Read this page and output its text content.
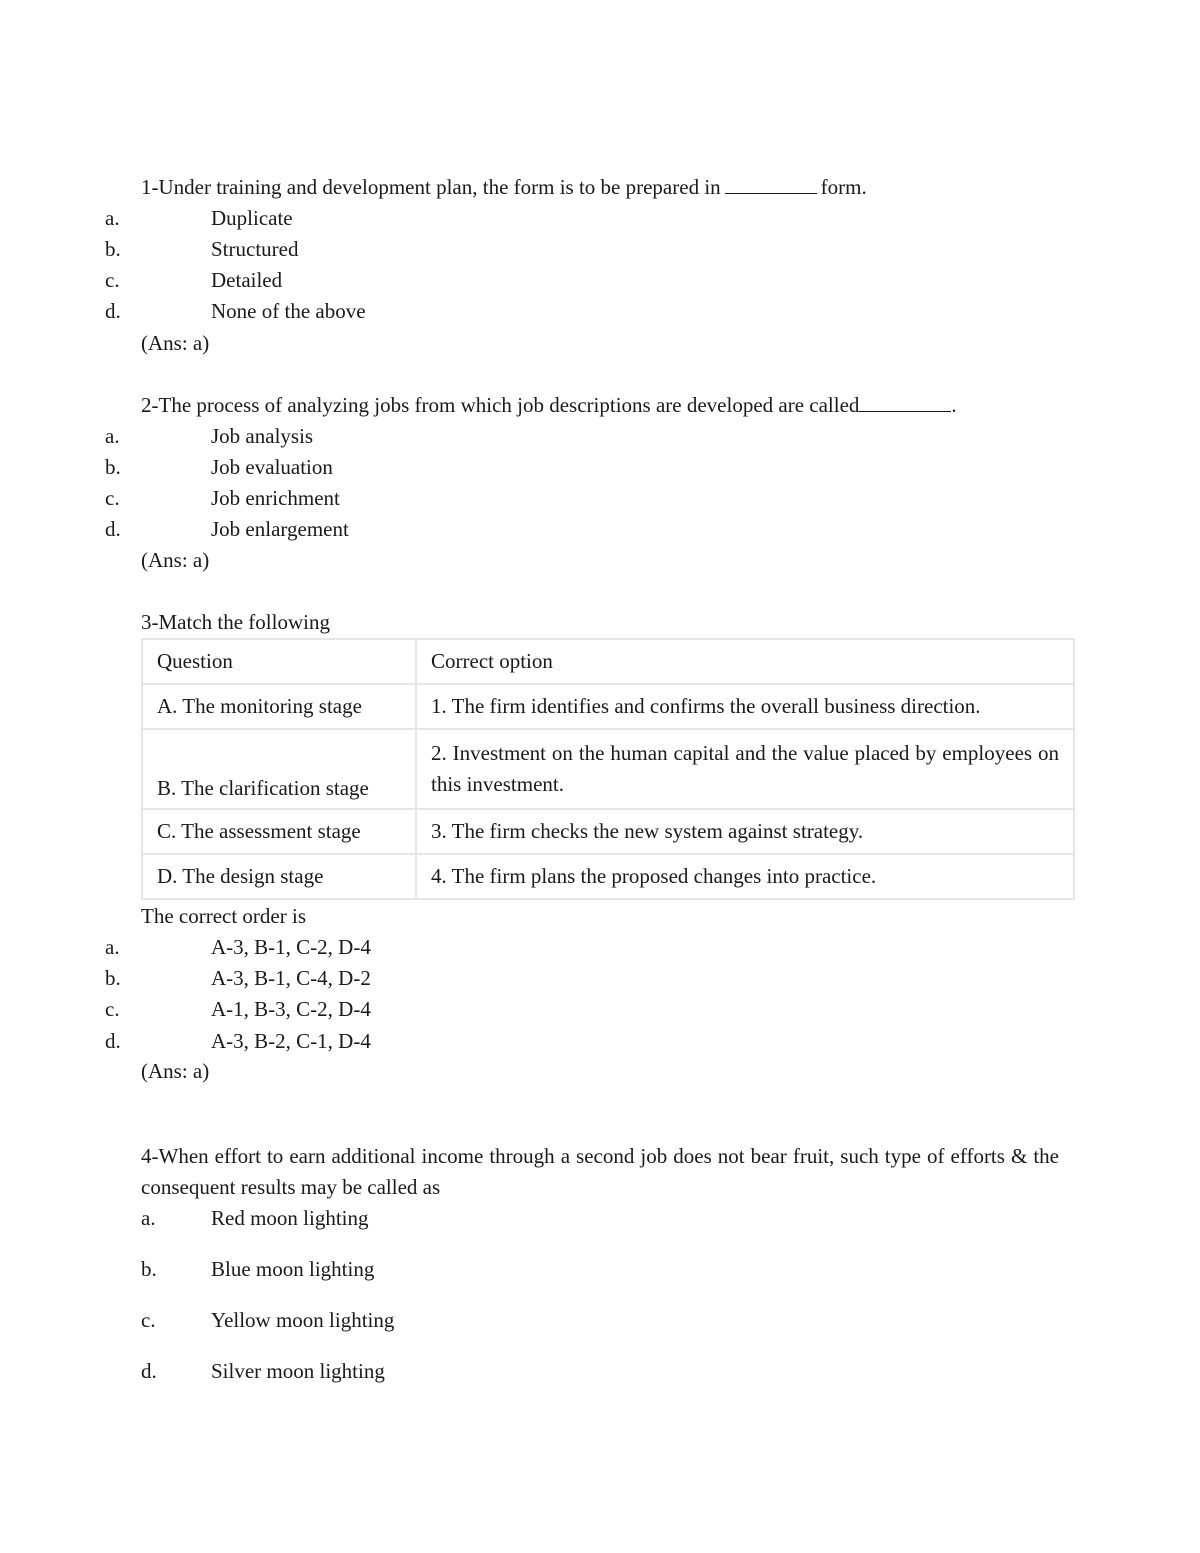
1-Under training and development plan, the form is to be prepared in	form.
a.	Duplicate
b.	Structured
c.	Detailed
d.	None of the above
(Ans: a)
2-The process of analyzing jobs from which job descriptions are developed are called	.
a.	Job analysis
b.	Job evaluation
c.	Job enrichment
d.	Job enlargement
(Ans: a)
3-Match the following
Question	Correct option
A. The monitoring stage	1. The firm identifies and confirms the overall business direction.
B. The clarification stage	2. Investment on the human capital and the value placed by employees on this investment.
C. The assessment stage	3. The firm checks the new system against strategy.
D. The design stage	4. The firm plans the proposed changes into practice.
The correct order is
a.	A-3, B-1, C-2, D-4
b.	A-3, B-1, C-4, D-2
c.	A-1, B-3, C-2, D-4
d.	A-3, B-2, C-1, D-4
(Ans: a)
4-When effort to earn additional income through a second job does not bear fruit, such type of efforts & the consequent results may be called as
a.	Red moon lighting
b.	Blue moon lighting
c.	Yellow moon lighting
d.	Silver moon lighting
